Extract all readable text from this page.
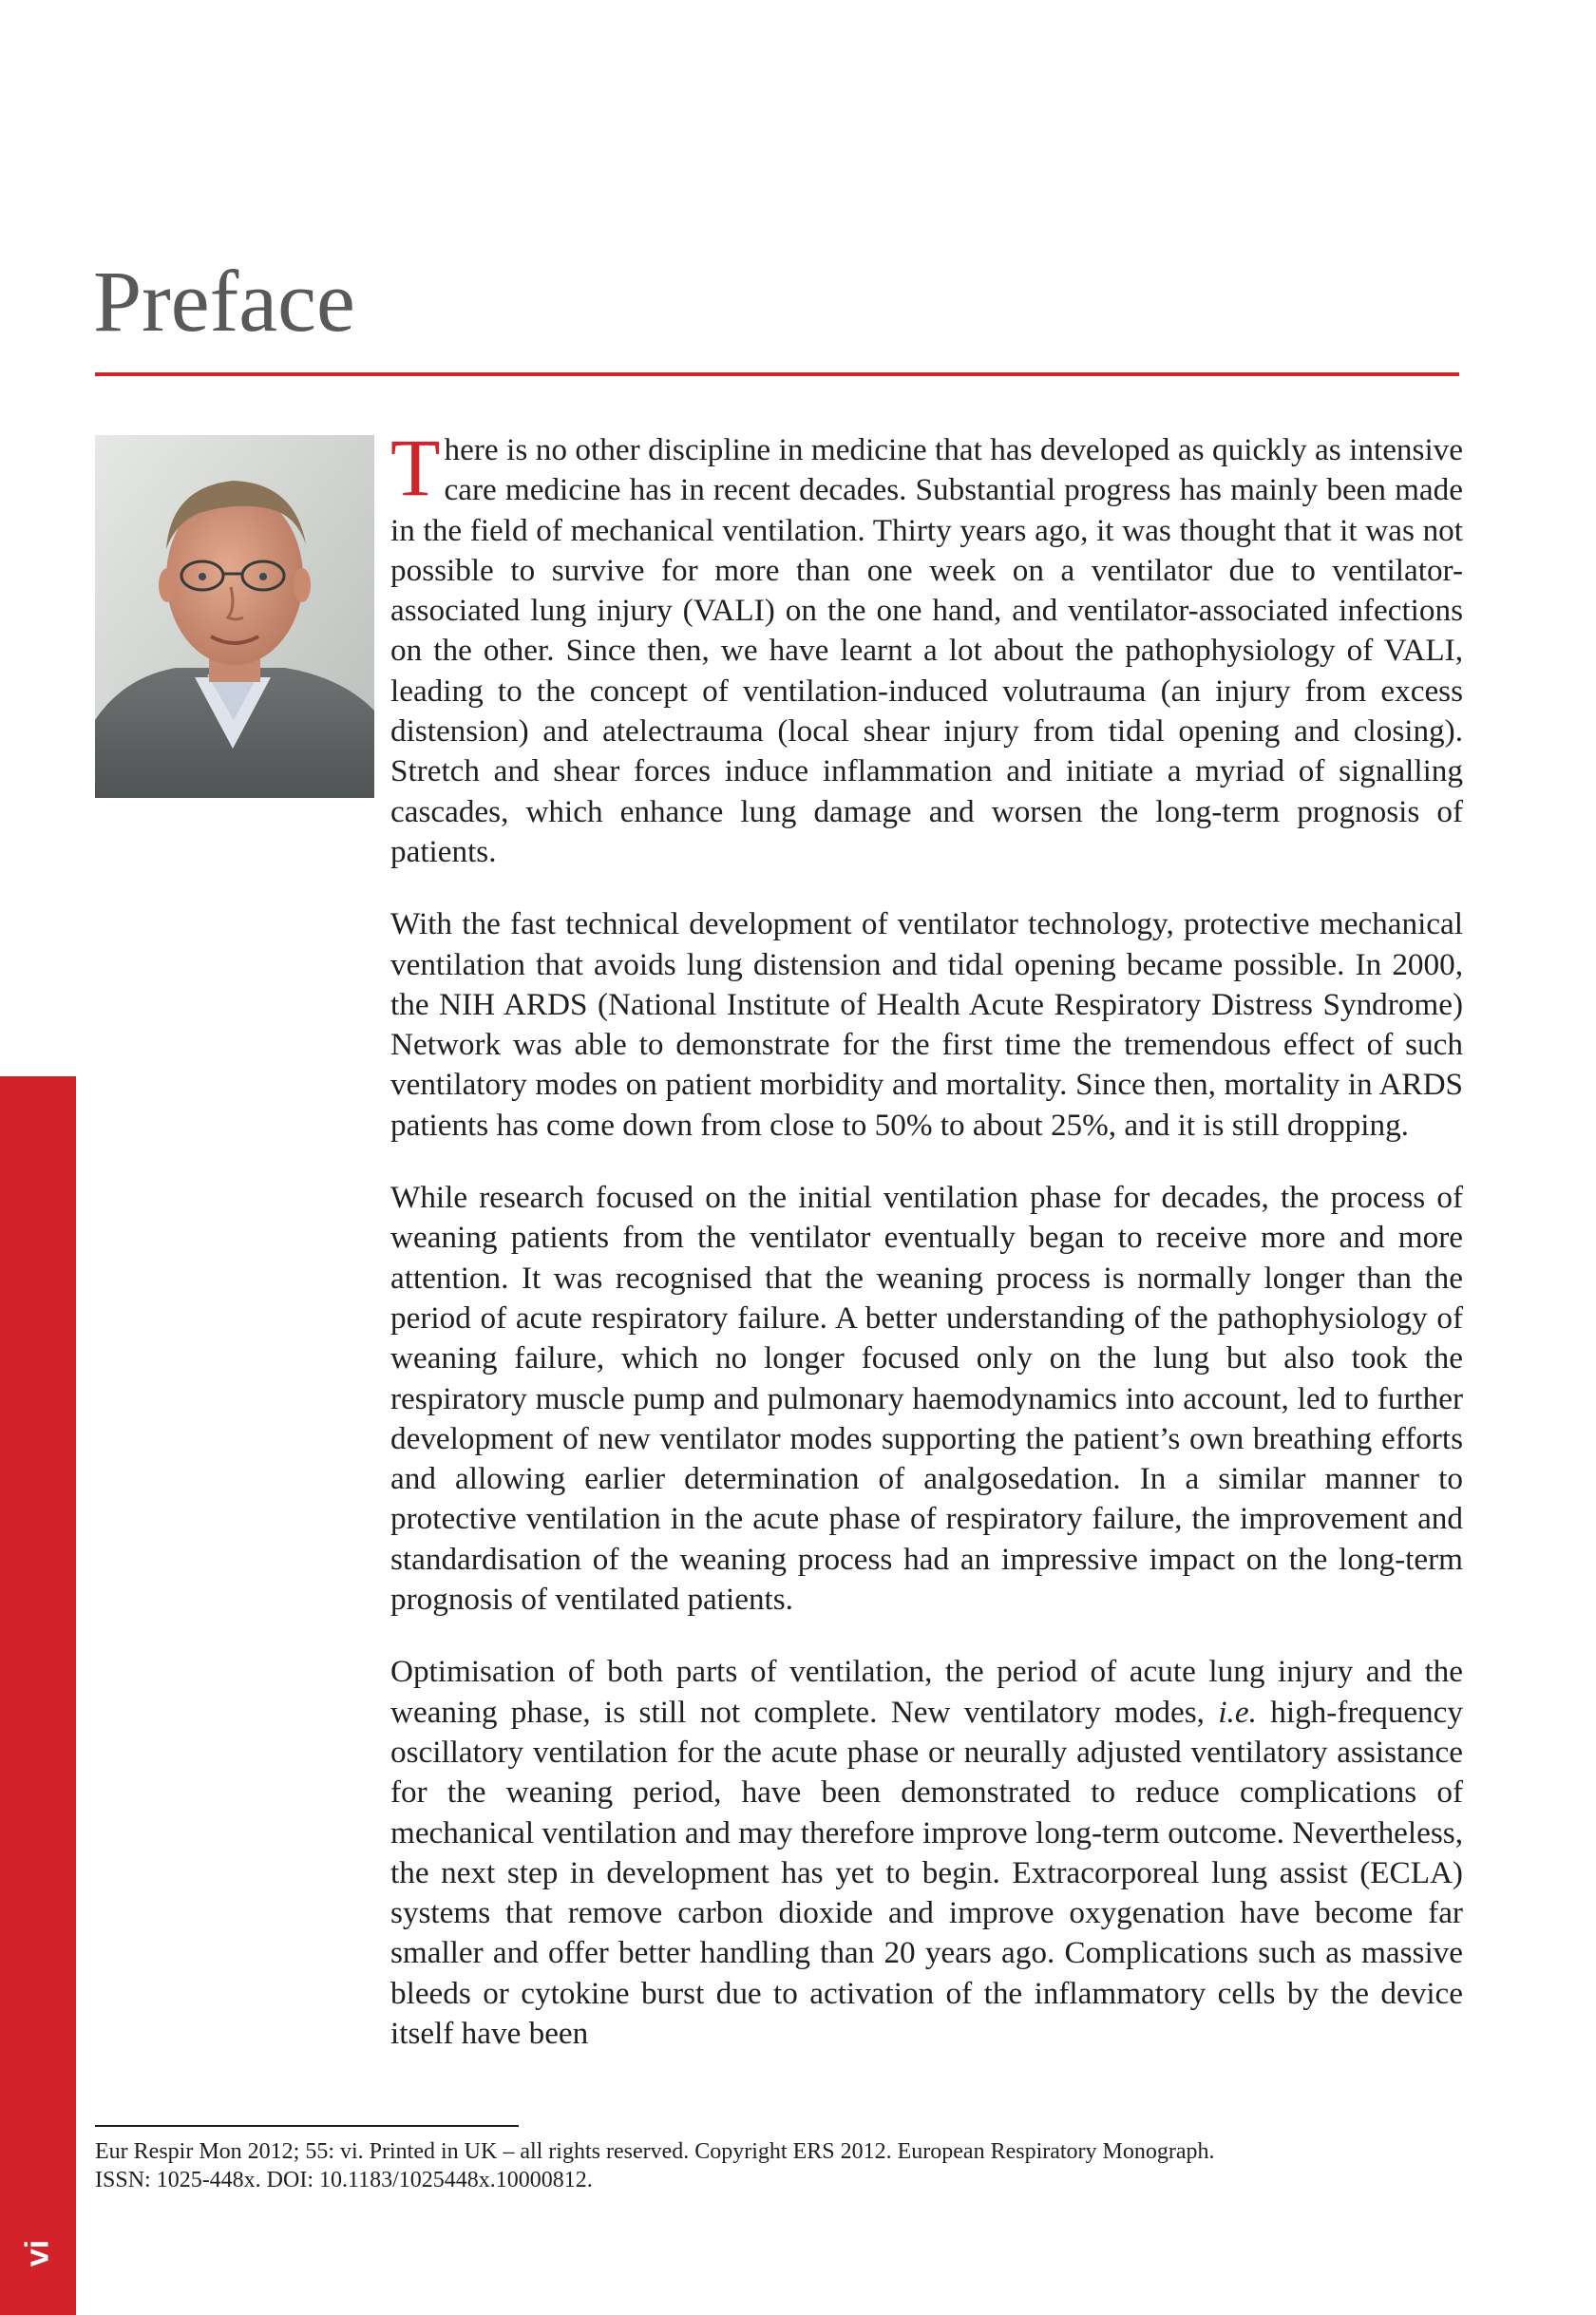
Preface

There is no other discipline in medicine that has developed as quickly as intensive care medicine has in recent decades. Substantial progress has mainly been made in the field of mechanical ventilation. Thirty years ago, it was thought that it was not possible to survive for more than one week on a ventilator due to ventilator-associated lung injury (VALI) on the one hand, and ventilator-associated infections on the other. Since then, we have learnt a lot about the pathophysiology of VALI, leading to the concept of ventilation-induced volutrauma (an injury from excess distension) and atelectrauma (local shear injury from tidal opening and closing). Stretch and shear forces induce inflammation and initiate a myriad of signalling cascades, which enhance lung damage and worsen the long-term prognosis of patients.

With the fast technical development of ventilator technology, protective mechanical ventilation that avoids lung distension and tidal opening became possible. In 2000, the NIH ARDS (National Institute of Health Acute Respiratory Distress Syndrome) Network was able to demonstrate for the first time the tremendous effect of such ventilatory modes on patient morbidity and mortality. Since then, mortality in ARDS patients has come down from close to 50% to about 25%, and it is still dropping.

While research focused on the initial ventilation phase for decades, the process of weaning patients from the ventilator eventually began to receive more and more attention. It was recognised that the weaning process is normally longer than the period of acute respiratory failure. A better understanding of the pathophysiology of weaning failure, which no longer focused only on the lung but also took the respiratory muscle pump and pulmonary haemodynamics into account, led to further development of new ventilator modes supporting the patient’s own breathing efforts and allowing earlier determination of analgosedation. In a similar manner to protective ventilation in the acute phase of respiratory failure, the improvement and standardisation of the weaning process had an impressive impact on the long-term prognosis of ventilated patients.

Optimisation of both parts of ventilation, the period of acute lung injury and the weaning phase, is still not complete. New ventilatory modes, i.e. high-frequency oscillatory ventilation for the acute phase or neurally adjusted ventilatory assistance for the weaning period, have been demonstrated to reduce complications of mechanical ventilation and may therefore improve long-term outcome. Nevertheless, the next step in development has yet to begin. Extracorporeal lung assist (ECLA) systems that remove carbon dioxide and improve oxygenation have become far smaller and offer better handling than 20 years ago. Complications such as massive bleeds or cytokine burst due to activation of the inflammatory cells by the device itself have been

Eur Respir Mon 2012; 55: vi. Printed in UK – all rights reserved. Copyright ERS 2012. European Respiratory Monograph.
ISSN: 1025-448x. DOI: 10.1183/1025448x.10000812.
vi
